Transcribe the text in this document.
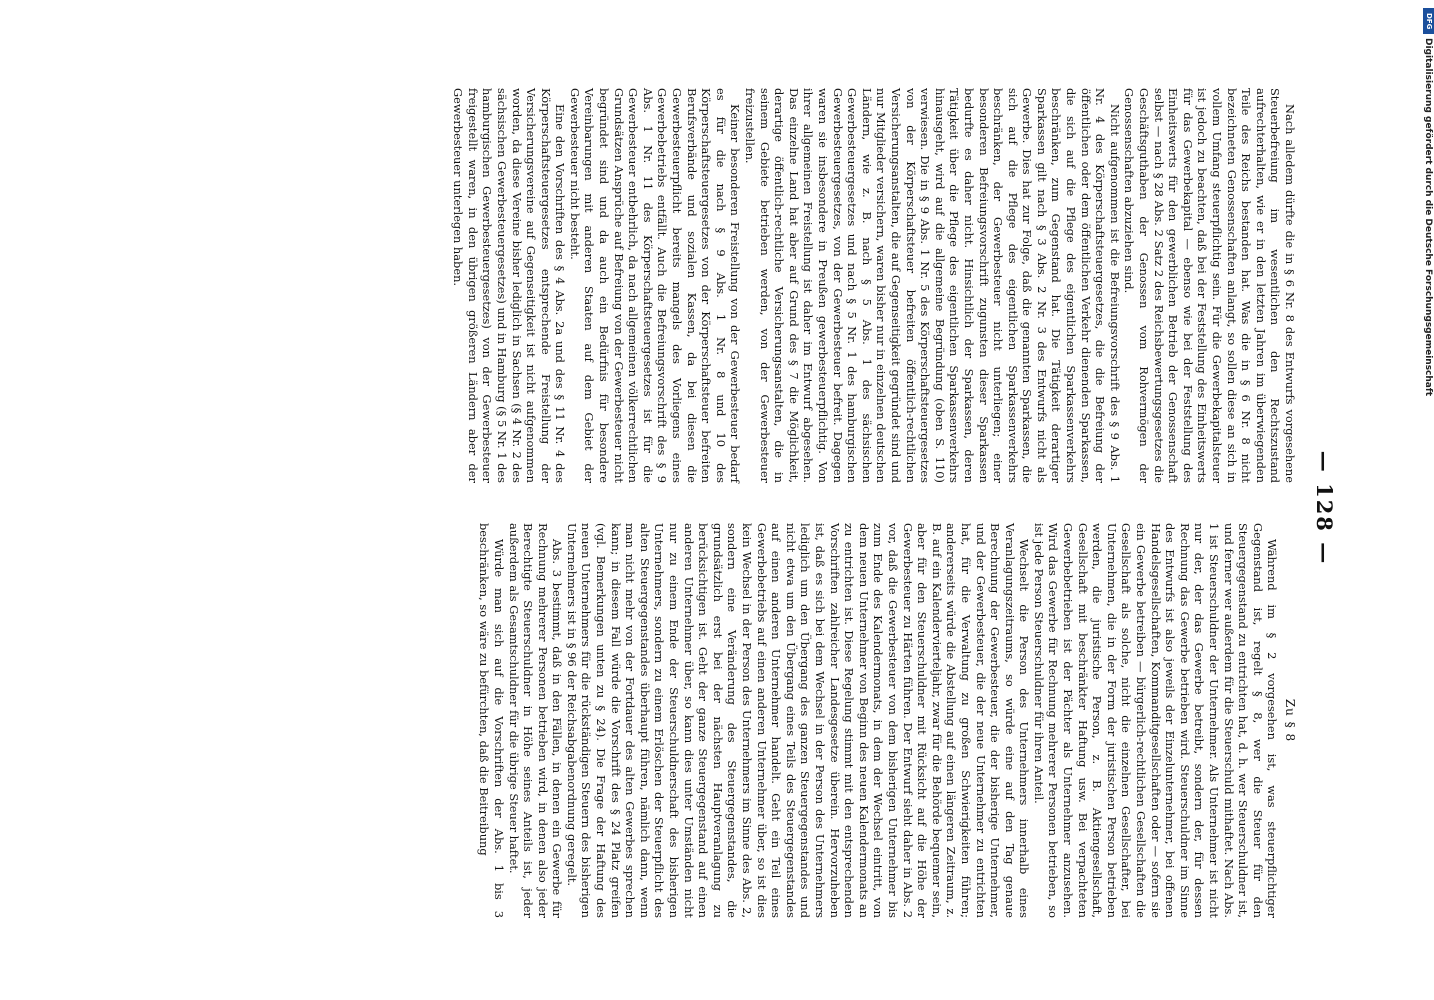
— 128 —

Nach alledem dürfte die in § 6 Nr. 8 des Entwurfs vorgesehene Steuerbefreiung im wesentlichen den Rechtszustand aufrechterhalten, wie er in den letzten Jahren im überwiegenden Teile des Reichs bestanden hat. Was die in § 6 Nr. 8 nicht bezeichneten Genossenschaften anlangt, so sollen diese an sich in vollem Umfang steuerpflichtig sein. Für die Gewerbekapitalsteuer ist jedoch zu beachten, daß bei der Feststellung des Einheitswerts für das Gewerbekapital — ebenso wie bei der Feststellung des Einheitswerts für den gewerblichen Betrieb der Genossenschaft selbst — nach § 28 Abs. 2 Satz 2 des Reichsbewertungsgesetzes die Geschäftsguthaben der Genossen vom Rohvermögen der Genossenschaften abzuziehen sind.

Nicht aufgenommen ist die Befreiungsvorschrift des § 9 Abs. 1 Nr. 4 des Körperschaftsteuergesetzes, die die Befreiung der öffentlichen oder dem öffentlichen Verkehr dienenden Sparkassen, die sich auf die Pflege des eigentlichen Sparkassenverkehrs beschränken, zum Gegenstand hat. Die Tätigkeit derartiger Sparkassen gilt nach § 3 Abs. 2 Nr. 3 des Entwurfs nicht als Gewerbe. Dies hat zur Folge, daß die genannten Sparkassen, die sich auf die Pflege des eigentlichen Sparkassenverkehrs beschränken, der Gewerbesteuer nicht unterliegen; einer besonderen Befreiungsvorschrift zugunsten dieser Sparkassen bedurfte es daher nicht. Hinsichtlich der Sparkassen, deren Tätigkeit über die Pflege des eigentlichen Sparkassenverkehrs hinausgeht, wird auf die allgemeine Begründung (oben S. 110) verwiesen. Die in § 9 Abs. 1 Nr. 5 des Körperschaftsteuergesetzes von der Körperschaftsteuer befreiten öffentlich-rechtlichen Versicherungsanstalten, die auf Gegenseitigkeit gegründet sind und nur Mitglieder versichern, waren bisher nur in einzelnen deutschen Ländern, wie z. B. nach § 5 Abs. 1 des sächsischen Gewerbesteuergesetzes und nach § 5 Nr. 1 des hamburgischen Gewerbesteuergesetzes, von der Gewerbesteuer befreit. Dagegen waren sie insbesondere in Preußen gewerbesteuerpflichtig. Von ihrer allgemeinen Freistellung ist daher im Entwurf abgesehen. Das einzelne Land hat aber auf Grund des § 7 die Möglichkeit, derartige öffentlich-rechtliche Versicherungsanstalten, die in seinem Gebiete betrieben werden, von der Gewerbesteuer freizustellen.

Keiner besonderen Freistellung von der Gewerbesteuer bedarf es für die nach § 9 Abs. 1 Nr. 8 und 10 des Körperschaftsteuergesetzes von der Körperschaftsteuer befreiten Berufsverbände und sozialen Kassen, da bei diesen die Gewerbesteuerpflicht bereits mangels des Vorliegens eines Gewerbebetriebs entfällt. Auch die Befreiungsvorschrift des § 9 Abs. 1 Nr. 11 des Körperschaftsteuergesetzes ist für die Gewerbesteuer entbehrlich, da nach allgemeinen völkerrechtlichen Grundsätzen Ansprüche auf Befreiung von der Gewerbesteuer nicht begründet sind und da auch ein Bedürfnis für besondere Vereinbarungen mit anderen Staaten auf dem Gebiet der Gewerbesteuer nicht besteht.

Eine den Vorschriften des § 4 Abs. 2a und des § 11 Nr. 4 des Körperschaftsteuergesetzes entsprechende Freistellung der Versicherungsvereine auf Gegenseitigkeit ist nicht aufgenommen worden, da diese Vereine bisher lediglich in Sachsen (§ 4 Nr. 2 des sächsischen Gewerbesteuergesetzes) und in Hamburg (§ 5 Nr. 1 des hamburgischen Gewerbesteuergesetzes) von der Gewerbesteuer freigestellt waren, in den übrigen größeren Ländern aber der Gewerbesteuer unterlegen haben.

Zu § 8

Während im § 2 vorgesehen ist, was steuerpflichtiger Gegenstand ist, regelt § 8, wer die Steuer für den Steuergegenstand zu entrichten hat, d. h. wer Steuerschuldner ist, und ferner wer außerdem für die Steuerschuld mithaftet. Nach Abs. 1 ist Steuerschuldner der Unternehmer. Als Unternehmer ist nicht nur der, der das Gewerbe betreibt, sondern der, für dessen Rechnung das Gewerbe betrieben wird. Steuerschuldner im Sinne des Entwurfs ist also jeweils der Einzelunternehmer, bei offenen Handelsgesellschaften, Kommanditgesellschaften oder — sofern sie ein Gewerbe betreiben — bürgerlich-rechtlichen Gesellschaften die Gesellschaft als solche, nicht die einzelnen Gesellschafter, bei Unternehmen, die in der Form der juristischen Person betrieben werden, die juristische Person, z. B. Aktiengesellschaft, Gesellschaft mit beschränkter Haftung usw. Bei verpachteten Gewerbebetrieben ist der Pächter als Unternehmer anzusehen. Wird das Gewerbe für Rechnung mehrerer Personen betrieben, so ist jede Person Steuerschuldner für ihren Anteil.

Wechselt die Person des Unternehmers innerhalb eines Veranlagungszeitraums, so würde eine auf den Tag genaue Berechnung der Gewerbesteuer, die der bisherige Unternehmer, und der Gewerbesteuer, die der neue Unternehmer zu entrichten hat, für die Verwaltung zu großen Schwierigkeiten führen; andererseits würde die Abstellung auf einen längeren Zeitraum, z. B. auf ein Kalendervierteljahr, zwar für die Behörde bequemer sein, aber für den Steuerschuldner mit Rücksicht auf die Höhe der Gewerbesteuer zu Härten führen. Der Entwurf sieht daher in Abs. 2 vor, daß die Gewerbesteuer von dem bisherigen Unternehmer bis zum Ende des Kalendermonats, in dem der Wechsel eintritt, von dem neuen Unternehmer von Beginn des neuen Kalendermonats an zu entrichten ist. Diese Regelung stimmt mit den entsprechenden Vorschriften zahlreicher Landesgesetze überein. Hervorzuheben ist, daß es sich bei dem Wechsel in der Person des Unternehmers lediglich um den Übergang des ganzen Steuergegenstandes und nicht etwa um den Übergang eines Teils des Steuergegenstandes auf einen anderen Unternehmer handelt. Geht ein Teil eines Gewerbebetriebs auf einen anderen Unternehmer über, so ist dies kein Wechsel in der Person des Unternehmers im Sinne des Abs. 2, sondern eine Veränderung des Steuergegenstandes, die grundsätzlich erst bei der nächsten Hauptveranlagung zu berücksichtigen ist. Geht der ganze Steuergegenstand auf einen anderen Unternehmer über, so kann dies unter Umständen nicht nur zu einem Ende der Steuerschuldnerschaft des bisherigen Unternehmers, sondern zu einem Erlöschen der Steuerpflicht des alten Steuergegenstandes überhaupt führen, nämlich dann, wenn man nicht mehr von der Fortdauer des alten Gewerbes sprechen kann; in diesem Fall würde die Vorschrift des § 24 Platz greifen (vgl. Bemerkungen unten zu § 24). Die Frage der Haftung des neuen Unternehmers für die rückständigen Steuern des bisherigen Unternehmers ist in § 96 der Reichsabgabenordnung geregelt.

Abs. 3 bestimmt, daß in den Fällen, in denen ein Gewerbe für Rechnung mehrerer Personen betrieben wird, in denen also jeder Berechtigte Steuerschuldner in Höhe seines Anteils ist, jeder außerdem als Gesamtschuldner für die übrige Steuer haftet.

Würde man sich auf die Vorschriften der Abs. 1 bis 3 beschränken, so wäre zu befürchten, daß die Beitreibung

DFG
Digitalisierung gefördert durch die Deutsche Forschungsgemeinschaft
